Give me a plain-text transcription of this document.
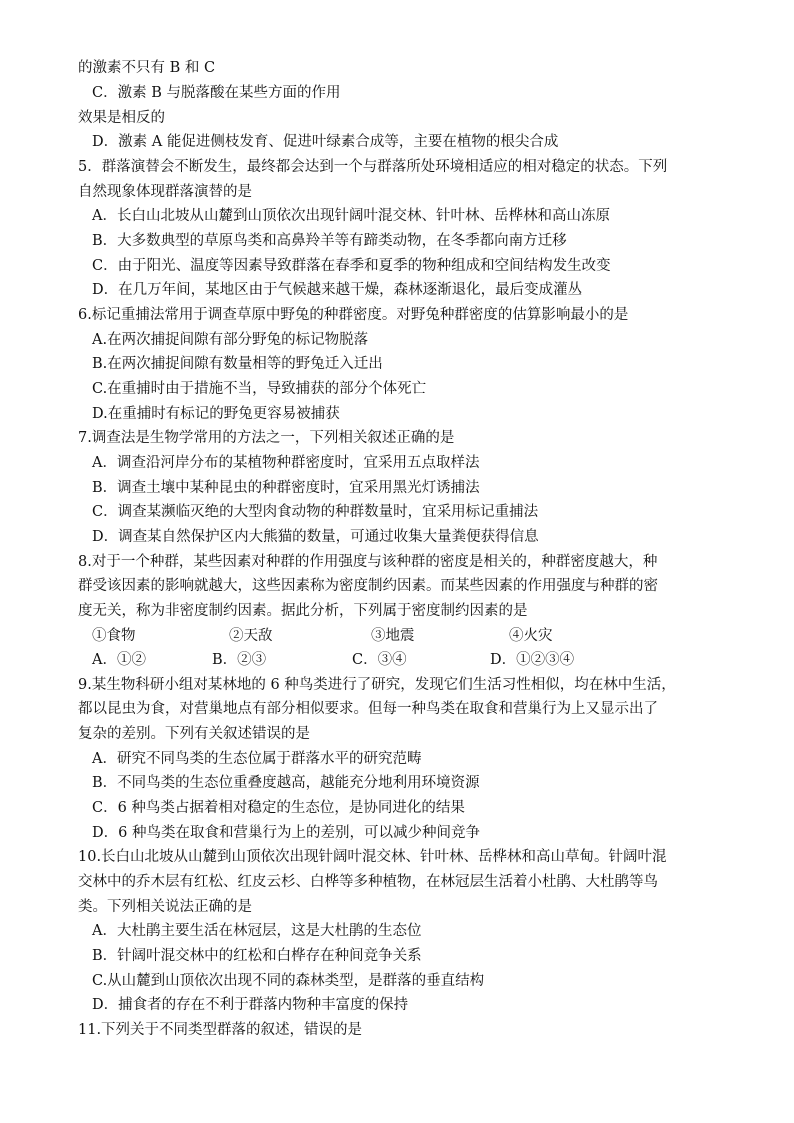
的激素不只有 B 和 C
C．激素 B 与脱落酸在某些方面的作用
效果是相反的
D．激素 A 能促进侧枝发育、促进叶绿素合成等，主要在植物的根尖合成
5．群落演替会不断发生，最终都会达到一个与群落所处环境相适应的相对稳定的状态。下列
自然现象体现群落演替的是
A．长白山北坡从山麓到山顶依次出现针阔叶混交林、针叶林、岳桦林和高山冻原
B．大多数典型的草原鸟类和高鼻羚羊等有蹄类动物，在冬季都向南方迁移
C．由于阳光、温度等因素导致群落在春季和夏季的物种组成和空间结构发生改变
D．在几万年间，某地区由于气候越来越干燥，森林逐渐退化，最后变成灌丛
6.标记重捕法常用于调查草原中野兔的种群密度。对野兔种群密度的估算影响最小的是
A.在两次捕捉间隙有部分野兔的标记物脱落
B.在两次捕捉间隙有数量相等的野兔迁入迁出
C.在重捕时由于措施不当，导致捕获的部分个体死亡
D.在重捕时有标记的野兔更容易被捕获
7.调查法是生物学常用的方法之一，下列相关叙述正确的是
A．调查沿河岸分布的某植物种群密度时，宜采用五点取样法
B．调查土壤中某种昆虫的种群密度时，宜采用黑光灯诱捕法
C．调查某濒临灭绝的大型肉食动物的种群数量时，宜采用标记重捕法
D．调查某自然保护区内大熊猫的数量，可通过收集大量粪便获得信息
8.对于一个种群，某些因素对种群的作用强度与该种群的密度是相关的，种群密度越大，种
群受该因素的影响就越大，这些因素称为密度制约因素。而某些因素的作用强度与种群的密
度无关，称为非密度制约因素。据此分析，下列属于密度制约因素的是
①食物	②天敌	③地震	④火灾
A．①②	B．②③	C．③④	D．①②③④
9.某生物科研小组对某林地的 6 种鸟类进行了研究，发现它们生活习性相似，均在林中生活，
都以昆虫为食，对营巢地点有部分相似要求。但每一种鸟类在取食和营巢行为上又显示出了
复杂的差别。下列有关叙述错误的是
A．研究不同鸟类的生态位属于群落水平的研究范畴
B．不同鸟类的生态位重叠度越高，越能充分地利用环境资源
C．6 种鸟类占据着相对稳定的生态位，是协同进化的结果
D．6 种鸟类在取食和营巢行为上的差别，可以减少种间竞争
10.长白山北坡从山麓到山顶依次出现针阔叶混交林、针叶林、岳桦林和高山草甸。针阔叶混
交林中的乔木层有红松、红皮云杉、白桦等多种植物，在林冠层生活着小杜鹃、大杜鹃等鸟
类。下列相关说法正确的是
A．大杜鹃主要生活在林冠层，这是大杜鹃的生态位
B．针阔叶混交林中的红松和白桦存在种间竞争关系
C.从山麓到山顶依次出现不同的森林类型，是群落的垂直结构
D．捕食者的存在不利于群落内物种丰富度的保持
11.下列关于不同类型群落的叙述，错误的是
